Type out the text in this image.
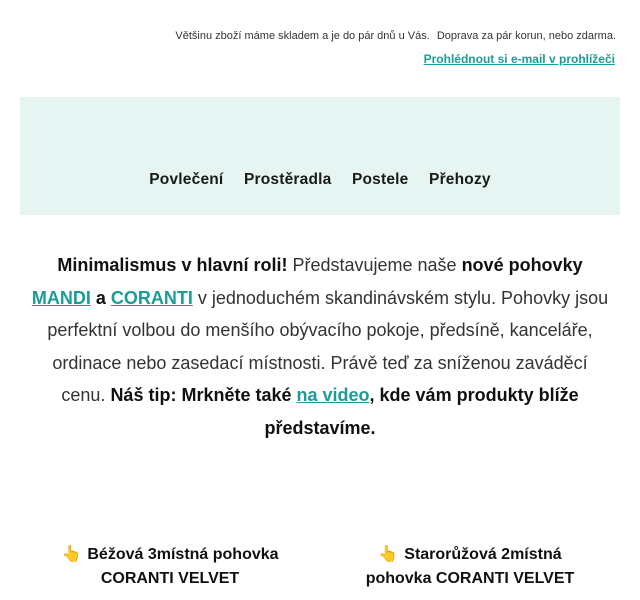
Většinu zboží máme skladem a je do pár dnů u Vás. Doprava za pár korun, nebo zdarma.
Prohlédnout si e-mail v prohlížeči
Povlečení Prostěradla Postele Přehozy
Minimalismus v hlavní roli! Představujeme naše nové pohovky MANDI a CORANTI v jednoduchém skandinávském stylu. Pohovky jsou perfektní volbou do menšího obývacího pokoje, předsíně, kanceláře, ordinace nebo zasedací místnosti. Právě teď za sníženou zaváděcí cenu. Náš tip: Mrkněte také na video, kde vám produkty blíže představíme.
👆 Béžová 3místná pohovka
CORANTI VELVET
👆 Starorůžová 2místná
pohovka CORANTI VELVET
